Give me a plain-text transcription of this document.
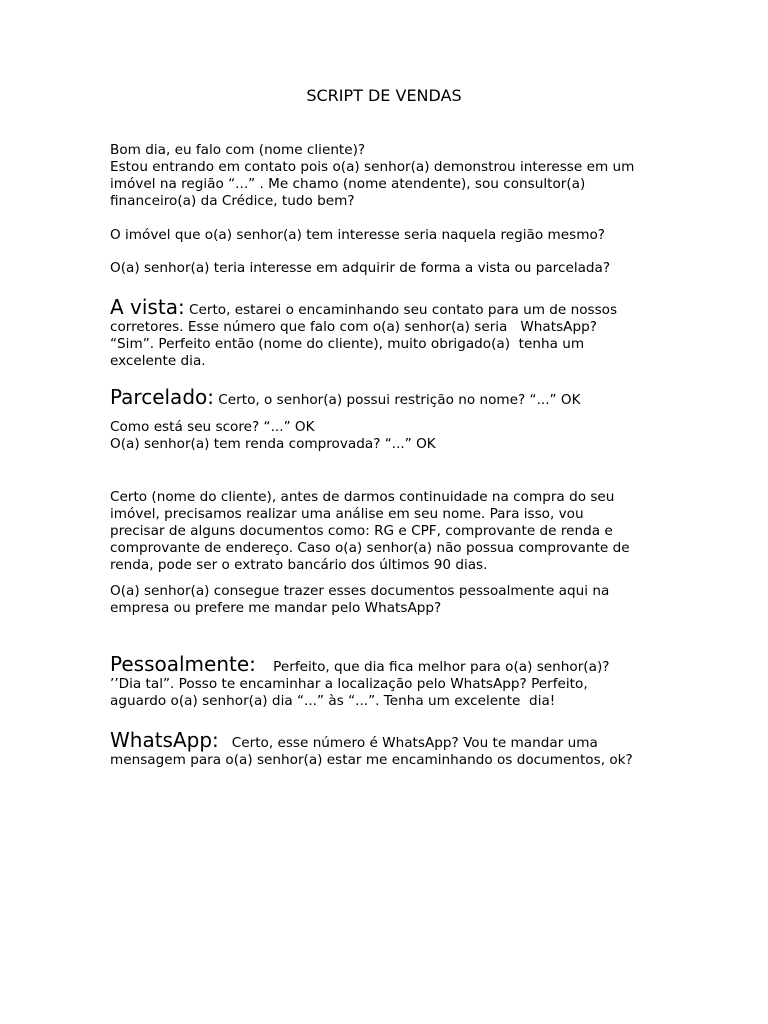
SCRIPT DE VENDAS
Bom dia, eu falo com (nome cliente)?
Estou entrando em contato pois o(a) senhor(a) demonstrou interesse em um
imóvel na região “...” . Me chamo (nome atendente), sou consultor(a)
financeiro(a) da Crédice, tudo bem?
O imóvel que o(a) senhor(a) tem interesse seria naquela região mesmo?
O(a) senhor(a) teria interesse em adquirir de forma a vista ou parcelada?
A vista: Certo, estarei o encaminhando seu contato para um de nossos
corretores. Esse número que falo com o(a) senhor(a) seria   WhatsApp?
“Sim”. Perfeito então (nome do cliente), muito obrigado(a)  tenha um
excelente dia.
Parcelado: Certo, o senhor(a) possui restrição no nome? “...” OK
Como está seu score? “...” OK
O(a) senhor(a) tem renda comprovada? “...” OK
Certo (nome do cliente), antes de darmos continuidade na compra do seu
imóvel, precisamos realizar uma análise em seu nome. Para isso, vou
precisar de alguns documentos como: RG e CPF, comprovante de renda e
comprovante de endereço. Caso o(a) senhor(a) não possua comprovante de
renda, pode ser o extrato bancário dos últimos 90 dias.
O(a) senhor(a) consegue trazer esses documentos pessoalmente aqui na
empresa ou prefere me mandar pelo WhatsApp?
Pessoalmente:    Perfeito, que dia fica melhor para o(a) senhor(a)?
’’Dia tal”. Posso te encaminhar a localização pelo WhatsApp? Perfeito,
aguardo o(a) senhor(a) dia “...” às “...”. Tenha um excelente  dia!
WhatsApp:   Certo, esse número é WhatsApp? Vou te mandar uma
mensagem para o(a) senhor(a) estar me encaminhando os documentos, ok?
